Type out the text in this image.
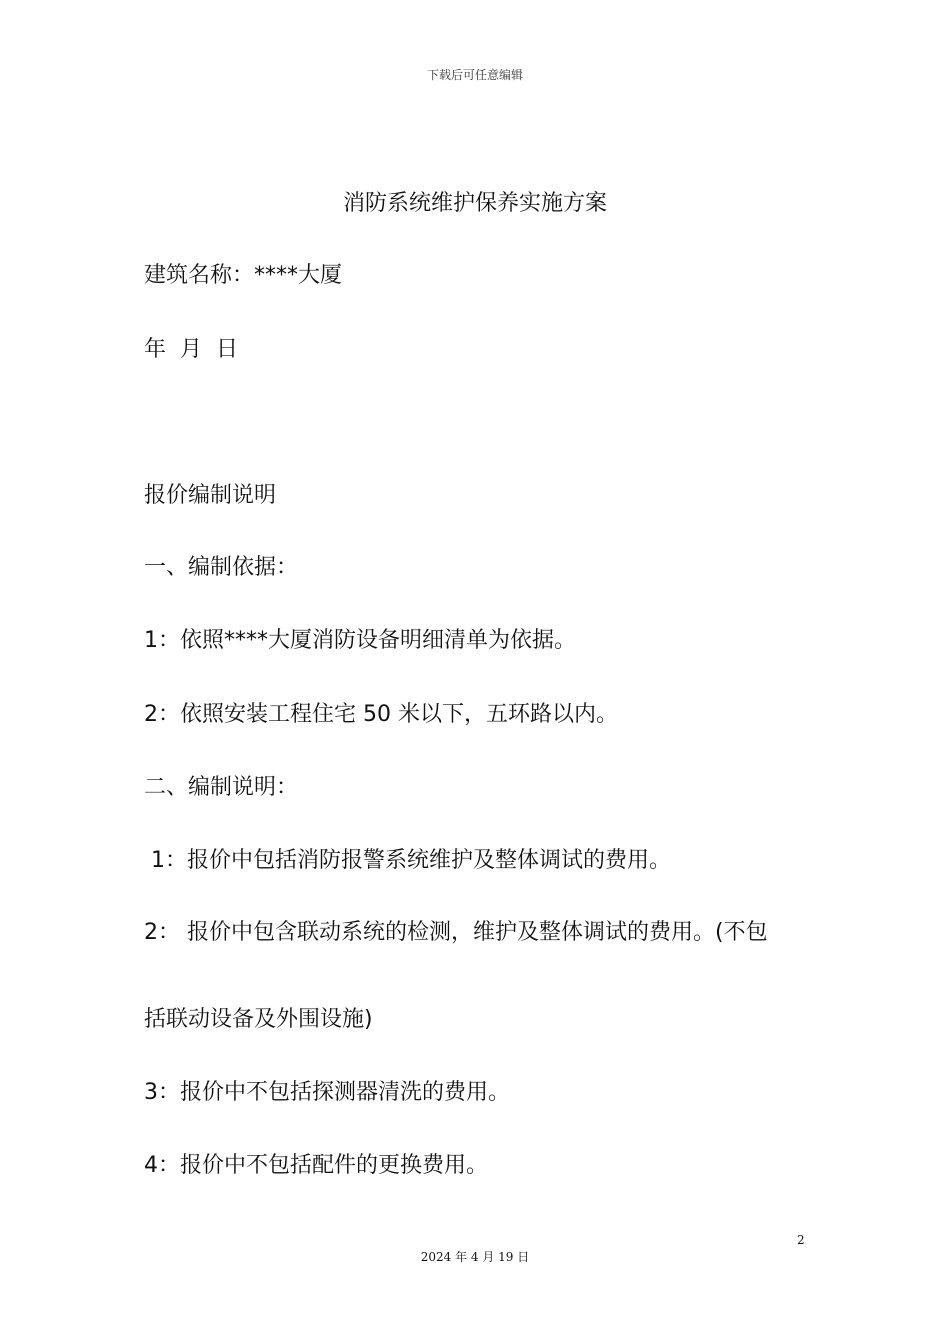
下载后可任意编辑
消防系统维护保养实施方案
建筑名称：****大厦
年  月  日
报价编制说明
一、编制依据：
1：依照****大厦消防设备明细清单为依据。
2：依照安装工程住宅 50 米以下，五环路以内。
二、编制说明：
1：报价中包括消防报警系统维护及整体调试的费用。
2： 报价中包含联动系统的检测，维护及整体调试的费用。(不包
括联动设备及外围设施)
3：报价中不包括探测器清洗的费用。
4：报价中不包括配件的更换费用。
2
2024 年 4 月 19 日
